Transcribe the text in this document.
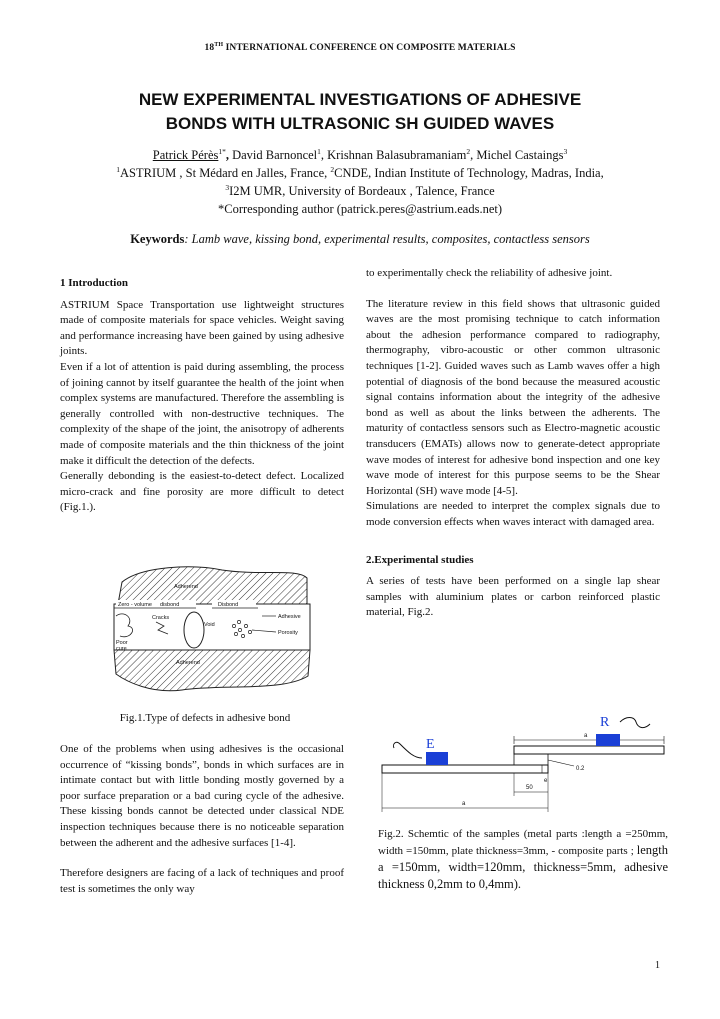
18TH INTERNATIONAL CONFERENCE ON COMPOSITE MATERIALS
NEW EXPERIMENTAL INVESTIGATIONS OF ADHESIVE
BONDS WITH ULTRASONIC SH GUIDED WAVES
Patrick Pérès$^{1*}$, David Barnoncel$^1$, Krishnan Balasubramaniam$^2$, Michel Castaings$^3$
$^1$ASTRIUM , St Médard en Jalles, France, $^2$CNDE, Indian Institute of Technology, Madras, India,
$^3$I2M UMR, University of Bordeaux , Talence, France
*Corresponding author (patrick.peres@astrium.eads.net)
Keywords: Lamb wave, kissing bond, experimental results, composites, contactless sensors

1 Introduction

ASTRIUM Space Transportation use lightweight structures made of composite materials for space vehicles. Weight saving and performance increasing have been gained by using adhesive joints.

Even if a lot of attention is paid during assembling, the process of joining cannot by itself guarantee the health of the joint when complex systems are manufactured. Therefore the assembling is generally controlled with non-destructive techniques. The complexity of the shape of the joint, the anisotropy of adherents made of composite materials and the thin thickness of the joint make it difficult the detection of the defects.

Generally debonding is the easiest-to-detect defect. Localized micro-crack and fine porosity are more difficult to detect (Fig.1.).

Adherend
Zero - volume disbond	Disbond
Cracks
Void
Adhesive
Porosity
Poor
cure
Adherend
Fig.1.Type of defects in adhesive bond

One of the problems when using adhesives is the occasional occurrence of “kissing bonds”, bonds in which surfaces are in intimate contact but with little bonding mostly governed by a poor surface preparation or a bad curing cycle of the adhesive. These kissing bonds cannot be detected under classical NDE inspection techniques because there is no noticeable separation between the adherent and the adhesive surfaces [1-4].

Therefore designers are facing of a lack of techniques and proof test is sometimes the only way

to experimentally check the reliability of adhesive joint.

The literature review in this field shows that ultrasonic guided waves are the most promising technique to catch information about the adhesion performance compared to radiography, thermography, vibro-acoustic or other common ultrasonic techniques [1-2]. Guided waves such as Lamb waves offer a high potential of diagnosis of the bond because the measured acoustic signal contains information about the integrity of the adhesive bond as well as about the links between the adherents. The maturity of contactless sensors such as Electro-magnetic acoustic transducers (EMATs) allows now to generate-detect appropriate wave modes of interest for adhesive bond inspection and one key wave mode of interest for this purpose seems to be the Shear Horizontal (SH) wave mode [4-5].

Simulations are needed to interpret the complex signals due to mode conversion effects when waves interact with damaged area.

2.Experimental studies

A series of tests have been performed on a single lap shear samples with aluminium plates or carbon reinforced plastic material, Fig.2.

R
E
a
0.2
e
50
a
Fig.2. Schemtic of the samples (metal parts :length a =250mm, width =150mm, plate thickness=3mm, - composite parts ; length a =150mm, width=120mm, thickness=5mm, adhesive thickness 0,2mm to 0,4mm).
1
